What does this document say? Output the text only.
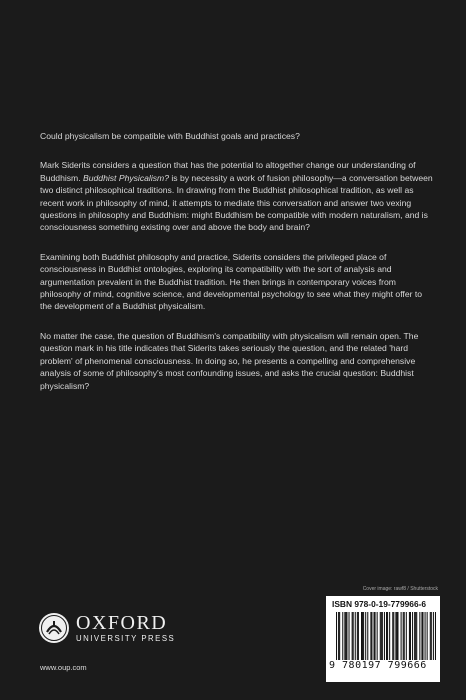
Could physicalism be compatible with Buddhist goals and practices?

Mark Siderits considers a question that has the potential to altogether change our understanding of Buddhism. Buddhist Physicalism? is by necessity a work of fusion philosophy—a conversation between two distinct philosophical traditions. In drawing from the Buddhist philosophical tradition, as well as recent work in philosophy of mind, it attempts to mediate this conversation and answer two vexing questions in philosophy and Buddhism: might Buddhism be compatible with modern naturalism, and is consciousness something existing over and above the body and brain?

Examining both Buddhist philosophy and practice, Siderits considers the privileged place of consciousness in Buddhist ontologies, exploring its compatibility with the sort of analysis and argumentation prevalent in the Buddhist tradition. He then brings in contemporary voices from philosophy of mind, cognitive science, and developmental psychology to see what they might offer to the development of a Buddhist physicalism.

No matter the case, the question of Buddhism's compatibility with physicalism will remain open. The question mark in his title indicates that Siderits takes seriously the question, and the related 'hard problem' of phenomenal consciousness. In doing so, he presents a compelling and comprehensive analysis of some of philosophy's most confounding issues, and asks the crucial question: Buddhist physicalism?

Cover image: rawf8 / Shutterstock
OXFORD
UNIVERSITY PRESS
www.oup.com
ISBN 978-0-19-779966-6
9 780197 799666
